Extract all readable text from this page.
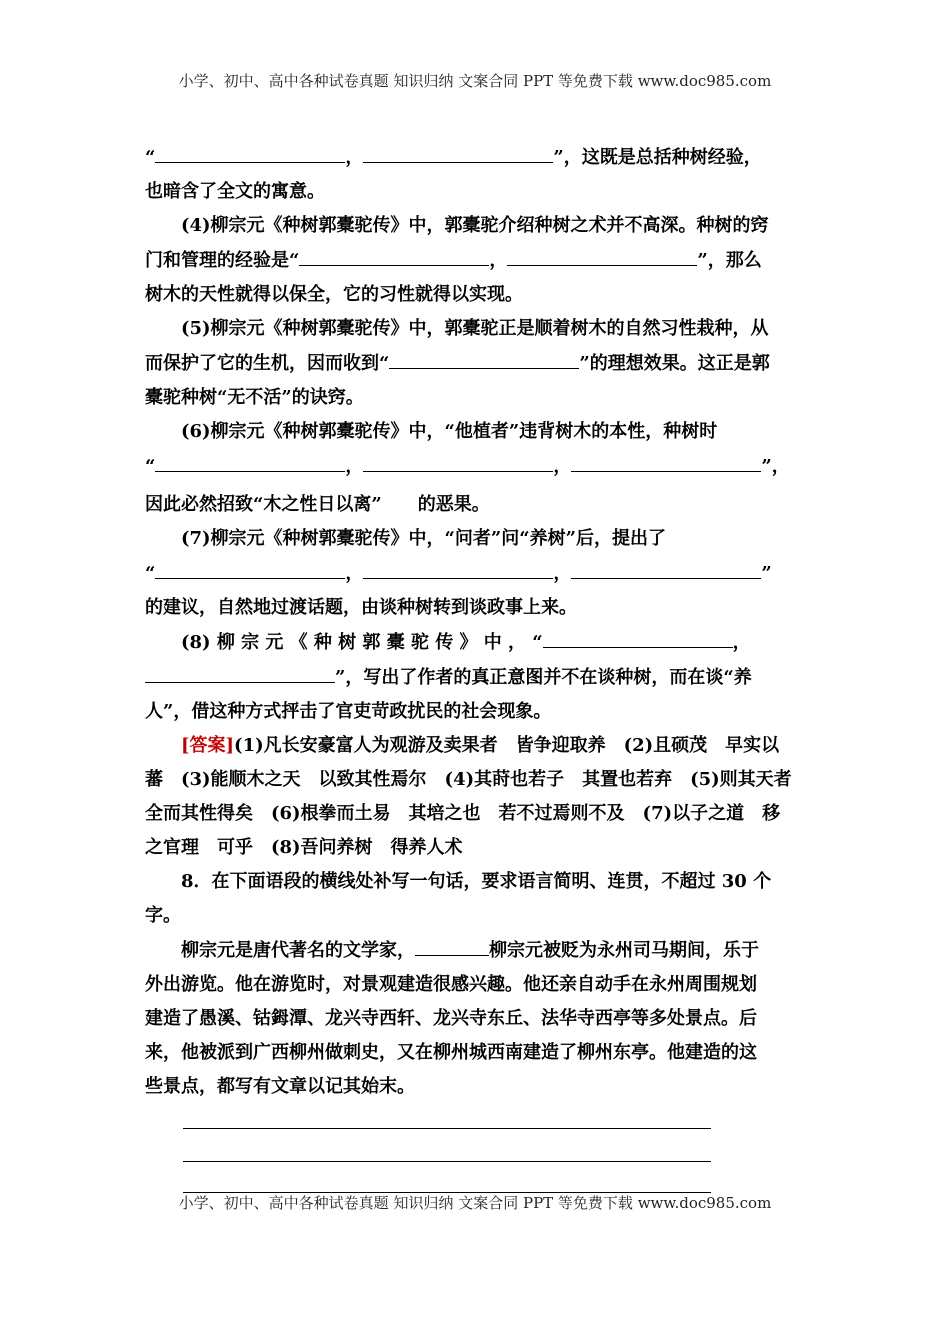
小学、初中、高中各种试卷真题 知识归纳 文案合同 PPT 等免费下载 www.doc985.com

“	，	”，这既是总括种树经验，

也暗含了全文的寓意。

(4)柳宗元《种树郭橐驼传》中，郭橐驼介绍种树之术并不高深。种树的窍

门和管理的经验是“	，	”，那么

树木的天性就得以保全，它的习性就得以实现。

(5)柳宗元《种树郭橐驼传》中，郭橐驼正是顺着树木的自然习性栽种，从

而保护了它的生机，因而收到“	”的理想效果。这正是郭

橐驼种树“无不活”的诀窍。

(6)柳宗元《种树郭橐驼传》中，“他植者”违背树木的本性，种树时

“	，	，	”，

因此必然招致“木之性日以离”　　的恶果。

(7)柳宗元《种树郭橐驼传》中，“问者”问“养树”后，提出了

“	，	，	”

的建议，自然地过渡话题，由谈种树转到谈政事上来。

(8) 柳 宗 元 《 种 树 郭 橐 驼 传 》 中 ， “	，

”，写出了作者的真正意图并不在谈种树，而在谈“养

人”，借这种方式抨击了官吏苛政扰民的社会现象。

[答案](1)凡长安豪富人为观游及卖果者　皆争迎取养　(2)且硕茂　早实以

蕃　(3)能顺木之天　以致其性焉尔　(4)其莳也若子　其置也若弃　(5)则其天者

全而其性得矣　(6)根拳而土易　其培之也　若不过焉则不及　(7)以子之道　移

之官理　可乎　(8)吾问养树　得养人术

8．在下面语段的横线处补写一句话，要求语言简明、连贯，不超过 30 个

字。

柳宗元是唐代著名的文学家，	柳宗元被贬为永州司马期间，乐于

外出游览。他在游览时，对景观建造很感兴趣。他还亲自动手在永州周围规划

建造了愚溪、钴鉧潭、龙兴寺西轩、龙兴寺东丘、法华寺西亭等多处景点。后

来，他被派到广西柳州做刺史，又在柳州城西南建造了柳州东亭。他建造的这

些景点，都写有文章以记其始末。

小学、初中、高中各种试卷真题 知识归纳 文案合同 PPT 等免费下载 www.doc985.com
